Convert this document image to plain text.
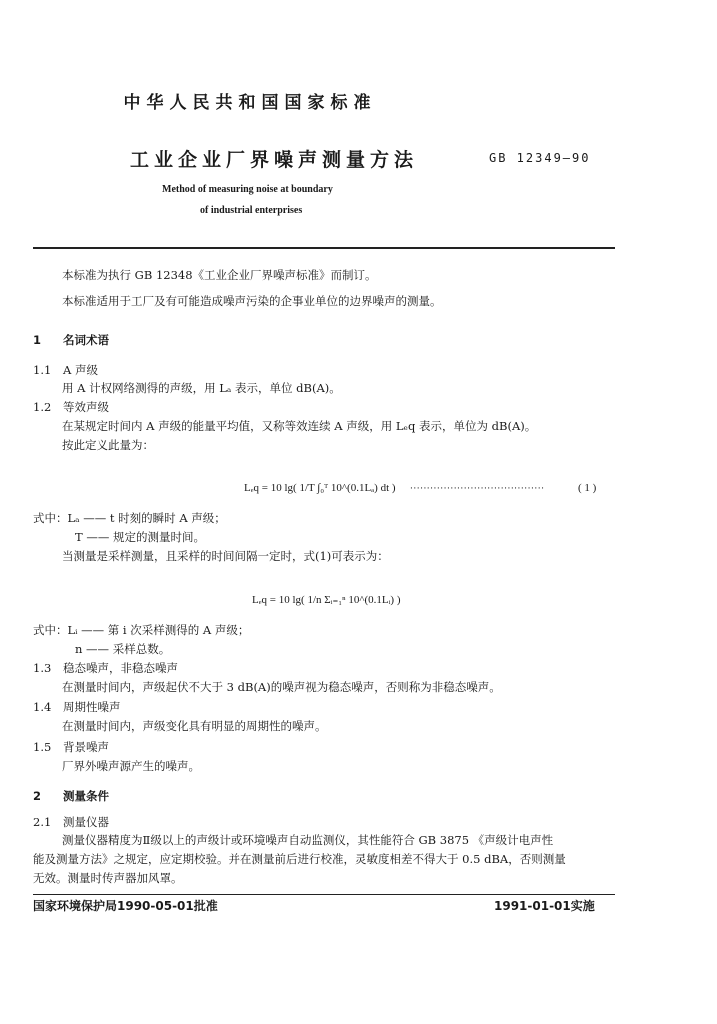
中华人民共和国国家标准
工业企业厂界噪声测量方法	GB 12349—90
Method of measuring noise at boundary
of industrial enterprises
本标准为执行 GB 12348《工业企业厂界噪声标准》而制订。
本标准适用于工厂及有可能造成噪声污染的企事业单位的边界噪声的测量。
1 名词术语
1.1 A 声级
用 A 计权网络测得的声级，用 Lₐ 表示，单位 dB(A)。
1.2 等效声级
在某规定时间内 A 声级的能量平均值，又称等效连续 A 声级，用 Lₑq 表示，单位为 dB(A)。
按此定义此量为：
Lₑq = 10 lg( 1/T ∫₀ᵀ 10^(0.1Lₐ) dt ) ········································	( 1 )
式中：Lₐ —— t 时刻的瞬时 A 声级；
T —— 规定的测量时间。
当测量是采样测量，且采样的时间间隔一定时，式(1)可表示为：
Lₑq = 10 lg( 1/n Σᵢ₌₁ⁿ 10^(0.1Lᵢ) )
式中：Lᵢ —— 第 i 次采样测得的 A 声级；
n —— 采样总数。
1.3 稳态噪声，非稳态噪声
在测量时间内，声级起伏不大于 3 dB(A)的噪声视为稳态噪声，否则称为非稳态噪声。
1.4 周期性噪声
在测量时间内，声级变化具有明显的周期性的噪声。
1.5 背景噪声
厂界外噪声源产生的噪声。
2 测量条件
2.1 测量仪器
测量仪器精度为Ⅱ级以上的声级计或环境噪声自动监测仪，其性能符合 GB 3875 《声级计电声性
能及测量方法》之规定，应定期校验。并在测量前后进行校准，灵敏度相差不得大于 0.5 dBA，否则测量
无效。测量时传声器加风罩。
国家环境保护局1990-05-01批准	1991-01-01实施
